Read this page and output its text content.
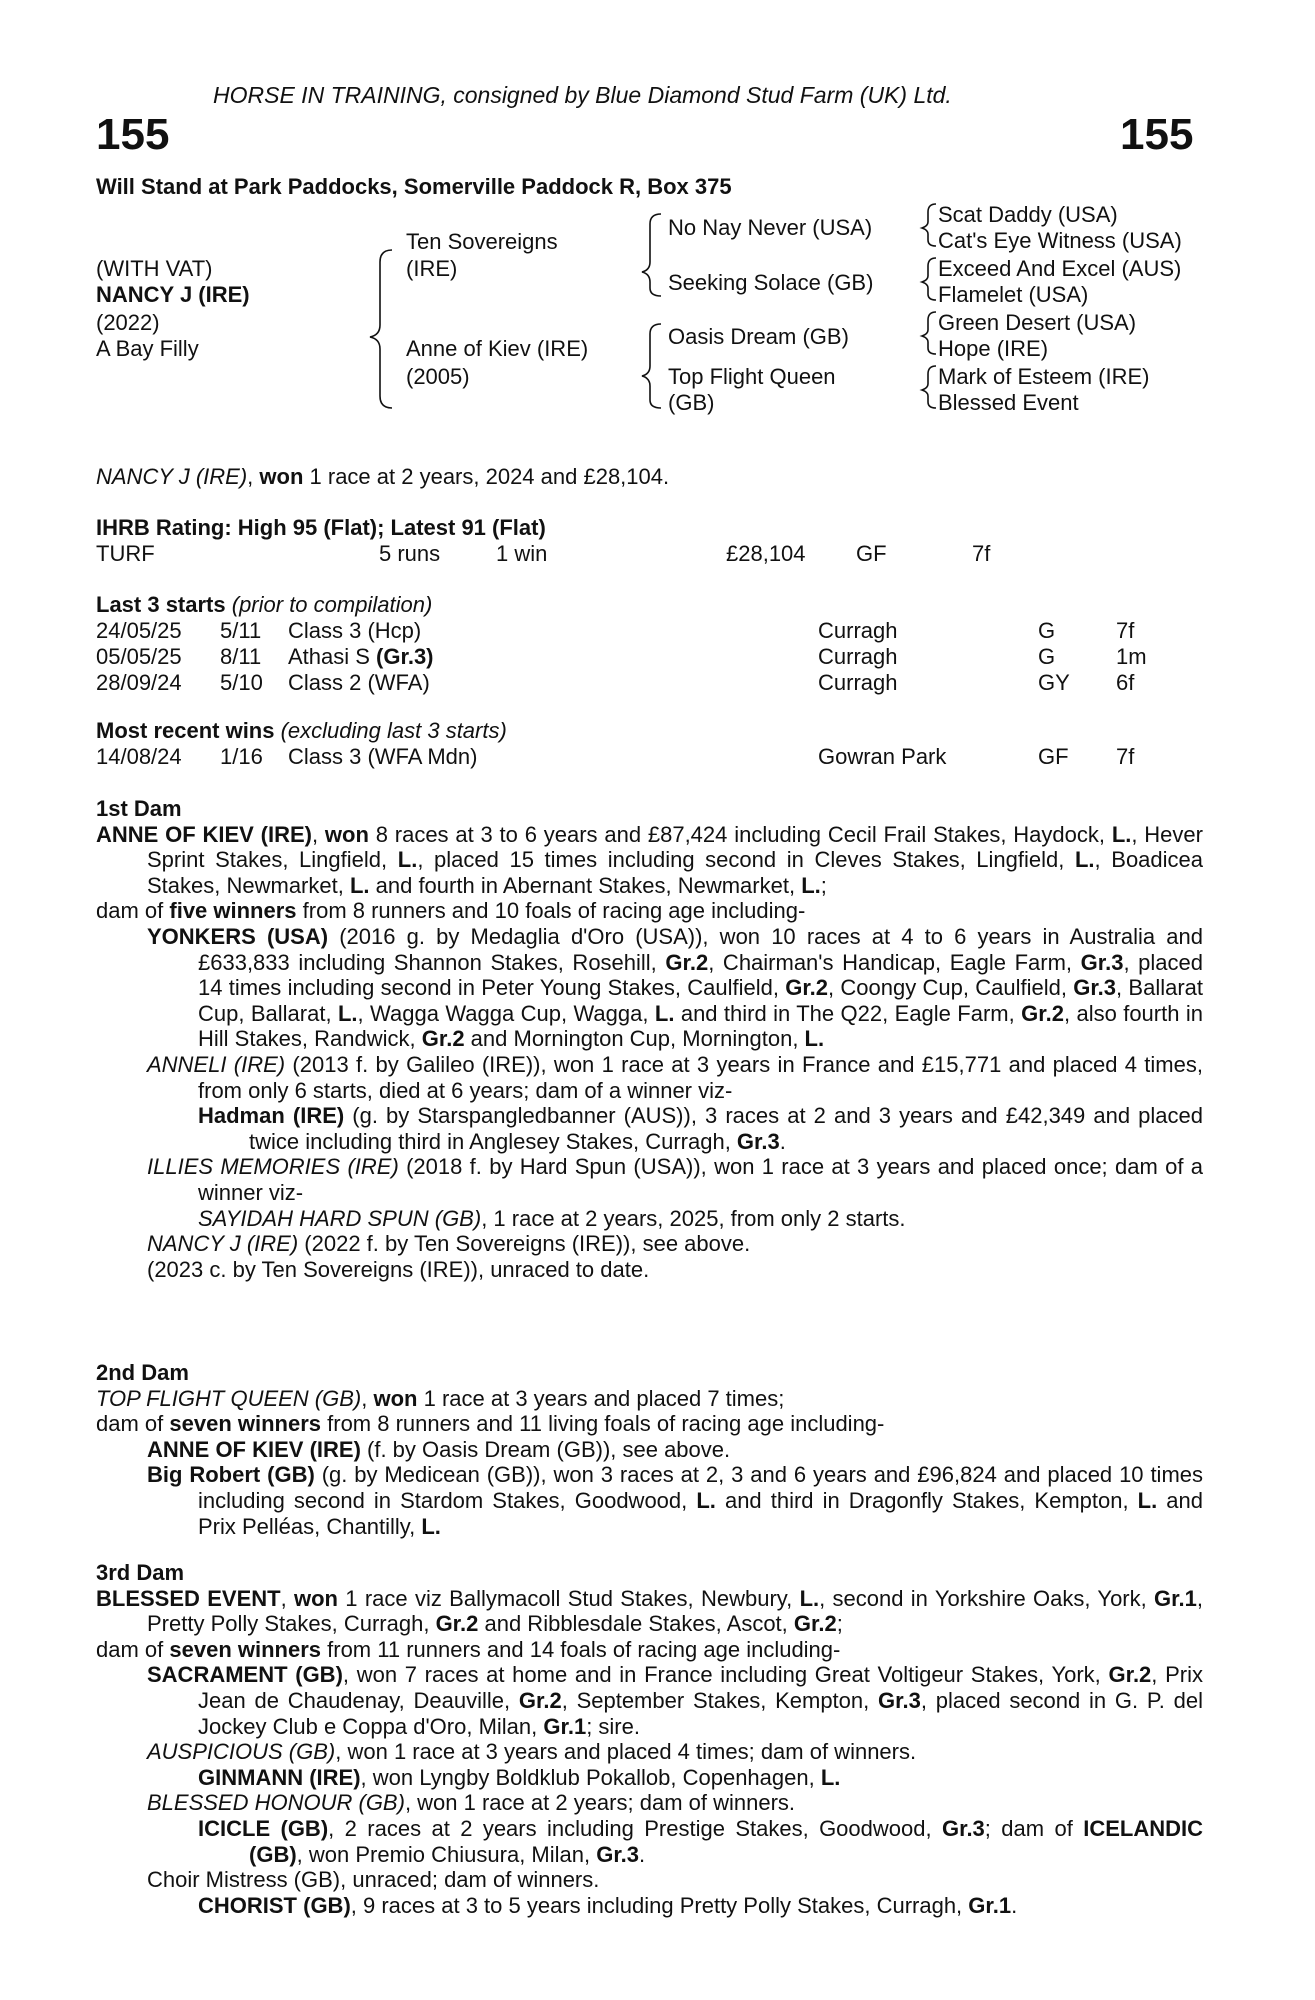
HORSE IN TRAINING, consigned by Blue Diamond Stud Farm (UK) Ltd.
155	155
Will Stand at Park Paddocks, Somerville Paddock R, Box 375
(WITH VAT)
NANCY J (IRE)
(2022)
A Bay Filly
Ten Sovereigns
(IRE)
Anne of Kiev (IRE)
(2005)
No Nay Never (USA)
Seeking Solace (GB)
Oasis Dream (GB)
Top Flight Queen
(GB)
Scat Daddy (USA)
Cat's Eye Witness (USA)
Exceed And Excel (AUS)
Flamelet (USA)
Green Desert (USA)
Hope (IRE)
Mark of Esteem (IRE)
Blessed Event
NANCY J (IRE), won 1 race at 2 years, 2024 and £28,104.
IHRB Rating: High 95 (Flat); Latest 91 (Flat)
TURF	5 runs	1 win	£28,104 GF	7f
Last 3 starts (prior to compilation)
24/05/25 5/11 Class 3 (Hcp)	Curragh	G	7f
05/05/25 8/11 Athasi S (Gr.3)	Curragh	G	1m
28/09/24 5/10 Class 2 (WFA)	Curragh	GY 6f
Most recent wins (excluding last 3 starts)
14/08/24 1/16 Class 3 (WFA Mdn)	Gowran Park	GF 7f
1st Dam
ANNE OF KIEV (IRE), won 8 races at 3 to 6 years and £87,424 including Cecil Frail Stakes, Haydock, L., Hever Sprint Stakes, Lingfield, L., placed 15 times including second in Cleves Stakes, Lingfield, L., Boadicea Stakes, Newmarket, L. and fourth in Abernant Stakes, Newmarket, L.;
dam of five winners from 8 runners and 10 foals of racing age including-
YONKERS (USA) (2016 g. by Medaglia d'Oro (USA)), won 10 races at 4 to 6 years in Australia and £633,833 including Shannon Stakes, Rosehill, Gr.2, Chairman's Handicap, Eagle Farm, Gr.3, placed 14 times including second in Peter Young Stakes, Caulfield, Gr.2, Coongy Cup, Caulfield, Gr.3, Ballarat Cup, Ballarat, L., Wagga Wagga Cup, Wagga, L. and third in The Q22, Eagle Farm, Gr.2, also fourth in Hill Stakes, Randwick, Gr.2 and Mornington Cup, Mornington, L.
ANNELI (IRE) (2013 f. by Galileo (IRE)), won 1 race at 3 years in France and £15,771 and placed 4 times, from only 6 starts, died at 6 years; dam of a winner viz-
Hadman (IRE) (g. by Starspangledbanner (AUS)), 3 races at 2 and 3 years and £42,349 and placed twice including third in Anglesey Stakes, Curragh, Gr.3.
ILLIES MEMORIES (IRE) (2018 f. by Hard Spun (USA)), won 1 race at 3 years and placed once; dam of a winner viz-
SAYIDAH HARD SPUN (GB), 1 race at 2 years, 2025, from only 2 starts.
NANCY J (IRE) (2022 f. by Ten Sovereigns (IRE)), see above.
(2023 c. by Ten Sovereigns (IRE)), unraced to date.
2nd Dam
TOP FLIGHT QUEEN (GB), won 1 race at 3 years and placed 7 times;
dam of seven winners from 8 runners and 11 living foals of racing age including-
ANNE OF KIEV (IRE) (f. by Oasis Dream (GB)), see above.
Big Robert (GB) (g. by Medicean (GB)), won 3 races at 2, 3 and 6 years and £96,824 and placed 10 times including second in Stardom Stakes, Goodwood, L. and third in Dragonfly Stakes, Kempton, L. and Prix Pelléas, Chantilly, L.
3rd Dam
BLESSED EVENT, won 1 race viz Ballymacoll Stud Stakes, Newbury, L., second in Yorkshire Oaks, York, Gr.1, Pretty Polly Stakes, Curragh, Gr.2 and Ribblesdale Stakes, Ascot, Gr.2;
dam of seven winners from 11 runners and 14 foals of racing age including-
SACRAMENT (GB), won 7 races at home and in France including Great Voltigeur Stakes, York, Gr.2, Prix Jean de Chaudenay, Deauville, Gr.2, September Stakes, Kempton, Gr.3, placed second in G. P. del Jockey Club e Coppa d'Oro, Milan, Gr.1; sire.
AUSPICIOUS (GB), won 1 race at 3 years and placed 4 times; dam of winners.
GINMANN (IRE), won Lyngby Boldklub Pokallob, Copenhagen, L.
BLESSED HONOUR (GB), won 1 race at 2 years; dam of winners.
ICICLE (GB), 2 races at 2 years including Prestige Stakes, Goodwood, Gr.3; dam of ICELANDIC (GB), won Premio Chiusura, Milan, Gr.3.
Choir Mistress (GB), unraced; dam of winners.
CHORIST (GB), 9 races at 3 to 5 years including Pretty Polly Stakes, Curragh, Gr.1.
